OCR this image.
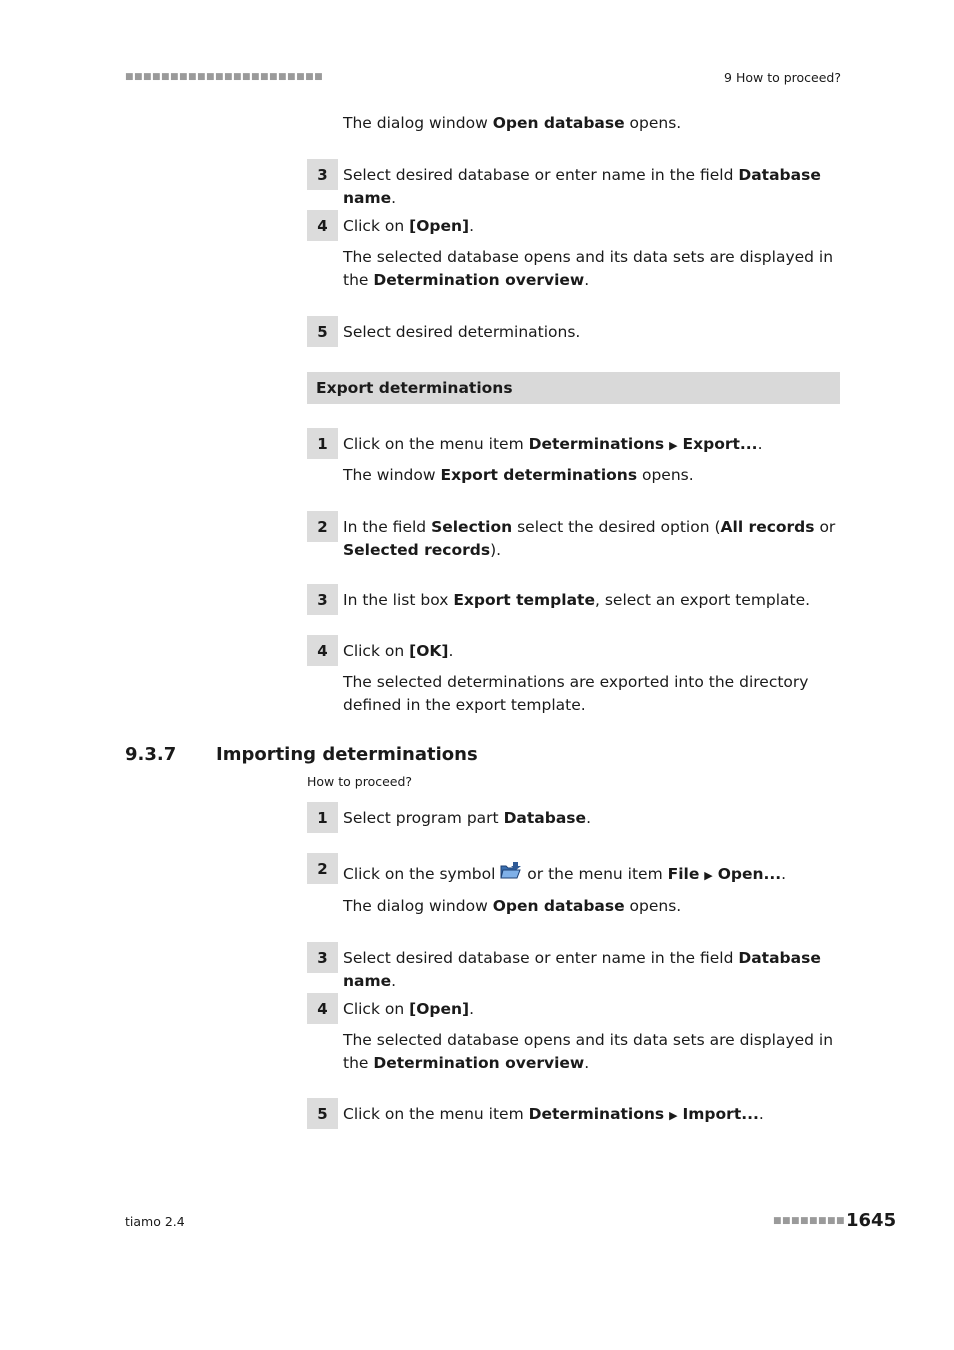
■■■■■■■■■■■■■■■■■■■■■■	9 How to proceed?

The dialog window Open database opens.

3 Select desired database or enter name in the field Database name.

4 Click on [Open].

The selected database opens and its data sets are displayed in the Determination overview.

5 Select desired determinations.

Export determinations
1 Click on the menu item Determinations ▶ Export....

The window Export determinations opens.

2 In the field Selection select the desired option (All records or Selected records).

3 In the list box Export template, select an export template.

4 Click on [OK].

The selected determinations are exported into the directory defined in the export template.

1 Select program part Database.

2 Click on the symbol  or the menu item File ▶ Open....

The dialog window Open database opens.

3 Select desired database or enter name in the field Database name.

4 Click on [Open].

The selected database opens and its data sets are displayed in the Determination overview.

5 Click on the menu item Determinations ▶ Import....

9.3.7 Importing determinations
How to proceed?
tiamo 2.4	■■■■■■■■ 1645
